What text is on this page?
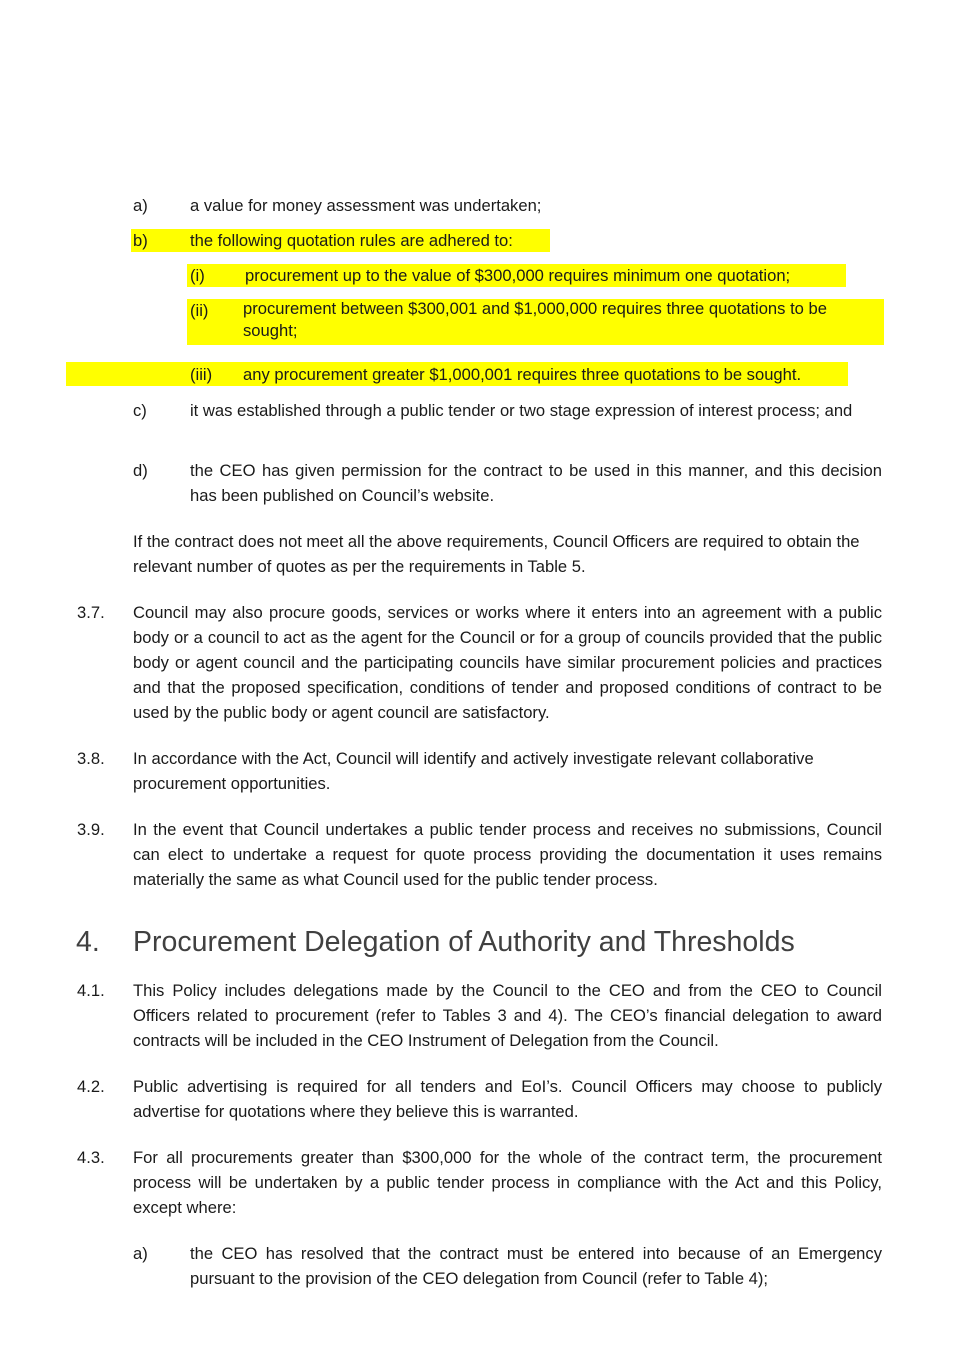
a)	a value for money assessment was undertaken;
b)	the following quotation rules are adhered to:
(i) procurement up to the value of $300,000 requires minimum one quotation;
(ii) procurement between $300,001 and $1,000,000 requires three quotations to be sought;
(iii) any procurement greater $1,000,001 requires three quotations to be sought.
c)	it was established through a public tender or two stage expression of interest process; and
d)	the CEO has given permission for the contract to be used in this manner, and this decision has been published on Council’s website.
If the contract does not meet all the above requirements, Council Officers are required to obtain the relevant number of quotes as per the requirements in Table 5.
3.7. Council may also procure goods, services or works where it enters into an agreement with a public body or a council to act as the agent for the Council or for a group of councils provided that the public body or agent council and the participating councils have similar procurement policies and practices and that the proposed specification, conditions of tender and proposed conditions of contract to be used by the public body or agent council are satisfactory.
3.8. In accordance with the Act, Council will identify and actively investigate relevant collaborative procurement opportunities.
3.9. In the event that Council undertakes a public tender process and receives no submissions, Council can elect to undertake a request for quote process providing the documentation it uses remains materially the same as what Council used for the public tender process.
4. Procurement Delegation of Authority and Thresholds
4.1. This Policy includes delegations made by the Council to the CEO and from the CEO to Council Officers related to procurement (refer to Tables 3 and 4). The CEO’s financial delegation to award contracts will be included in the CEO Instrument of Delegation from the Council.
4.2. Public advertising is required for all tenders and EoI’s. Council Officers may choose to publicly advertise for quotations where they believe this is warranted.
4.3. For all procurements greater than $300,000 for the whole of the contract term, the procurement process will be undertaken by a public tender process in compliance with the Act and this Policy, except where:
a)	the CEO has resolved that the contract must be entered into because of an Emergency pursuant to the provision of the CEO delegation from Council (refer to Table 4);
